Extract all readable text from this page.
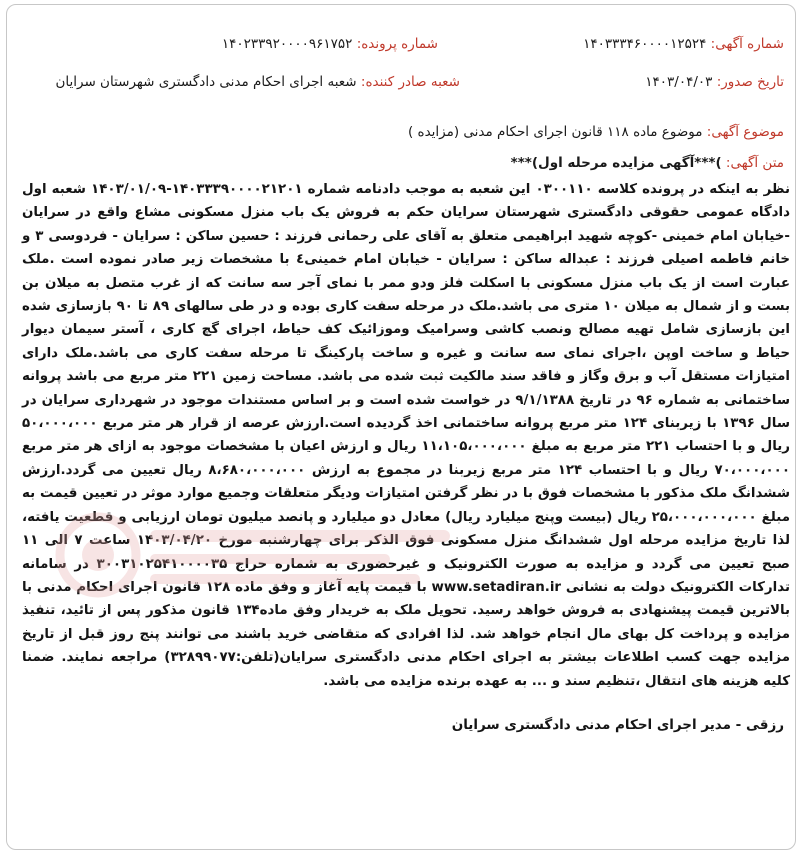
شماره آگهی: ۱۴۰۳۳۳۴۶۰۰۰۰۱۲۵۲۴
شماره پرونده: ۱۴۰۲۳۳۹۲۰۰۰۰۹۶۱۷۵۲
تاریخ صدور: ۱۴۰۳/۰۴/۰۳
شعبه صادر کننده: شعبه اجرای احکام مدنی دادگستری شهرستان سرایان
موضوع آگهی: موضوع ماده ۱۱۸ قانون اجرای احکام مدنی (مزایده )
متن آگهی: )***آگهی مزایده مرحله اول)***
نظر به اینکه در پرونده کلاسه ۰۳۰۰۱۱۰ این شعبه به موجب دادنامه شماره ۱۴۰۳۳۳۹۰۰۰۰۲۱۲۰۱-۱۴۰۳/۰۱/۰۹ شعبه اول دادگاه عمومی حقوقی دادگستری شهرستان سرایان حکم به فروش یک باب منزل مسکونی مشاع واقع در سرایان -خیابان امام خمینی -کوچه شهید ابراهیمی متعلق به آقای علی رحمانی فرزند : حسین ساکن : سرایان - فردوسی ۳ و خانم فاطمه اصیلی فرزند : عبداله ساکن : سرایان - خیابان امام خمینی٤ با مشخصات زیر صادر نموده است .ملک عبارت است از یک باب منزل مسکونی با اسکلت فلز ودو ممر با نمای آجر سه سانت که از غرب متصل به میلان بن بست و از شمال به میلان ۱۰ متری می باشد.ملک در مرحله سفت کاری بوده و در طی سالهای ۸۹ تا ۹۰ بازسازی شده این بازسازی شامل تهیه مصالح ونصب کاشی وسرامیک وموزائیک کف حیاط، اجرای گچ کاری ، آستر سیمان دیوار حیاط و ساخت اوپن ،اجرای نمای سه سانت و غیره و ساخت پارکینگ تا مرحله سفت کاری می باشد.ملک دارای امتیازات مستقل آب و برق وگاز و فاقد سند مالکیت ثبت شده می باشد. مساحت زمین ۲۲۱ متر مربع می باشد پروانه ساختمانی به شماره ۹۶ در تاریخ ۹/۱/۱۳۸۸ در خواست شده است و بر اساس مستندات موجود در شهرداری سرایان در سال ۱۳۹۶ با زیربنای ۱۲۴ متر مربع پروانه ساختمانی اخذ گردیده است.ارزش عرصه از قرار هر متر مربع ۵۰،۰۰۰،۰۰۰ ریال و با احتساب ۲۲۱ متر مربع به مبلغ ۱۱،۱۰۵،۰۰۰،۰۰۰ ریال و ارزش اعیان با مشخصات موجود به ازای هر متر مربع ۷۰،۰۰۰،۰۰۰ ریال و با احتساب ۱۲۴ متر مربع زیربنا در مجموع به ارزش ۸،۶۸۰،۰۰۰،۰۰۰ ریال تعیین می گردد.ارزش ششدانگ ملک مذکور با مشخصات فوق با در نظر گرفتن امتیازات ودیگر متعلقات وجمیع موارد موثر در تعیین قیمت به مبلغ ۲۵،۰۰۰،۰۰۰،۰۰۰ ریال (بیست وپنج میلیارد ریال) معادل دو میلیارد و پانصد میلیون تومان ارزیابی و قطعیت یافته، لذا تاریخ مزایده مرحله اول ششدانگ منزل مسکونی فوق الذکر برای چهارشنبه مورخ ۱۴۰۳/۰۴/۲۰ ساعت ۷ الی ۱۱ صبح تعیین می گردد و مزایده به صورت الکترونیک و غیرحضوری به شماره حراج ۳۰۰۳۱۰۲۵۴۱۰۰۰۰۳۵ در سامانه تدارکات الکترونیک دولت به نشانی www.setadiran.ir با قیمت پایه آغاز و وفق ماده ۱۲۸ قانون اجرای احکام مدنی با بالاترین قیمت پیشنهادی به فروش خواهد رسید. تحویل ملک به خریدار وفق ماده۱۳۴ قانون مذکور پس از تائید، تنفیذ مزایده و پرداخت کل بهای مال انجام خواهد شد. لذا افرادی که متقاضی خرید باشند می توانند پنج روز قبل از تاریخ مزایده جهت کسب اطلاعات بیشتر به اجرای احکام مدنی دادگستری سرایان(تلفن:۳۲۸۹۹۰۷۷) مراجعه نمایند. ضمنا کلیه هزینه های انتقال ،تنظیم سند و ... به عهده برنده مزایده می باشد.
رزقی - مدیر اجرای احکام مدنی دادگستری سرایان
